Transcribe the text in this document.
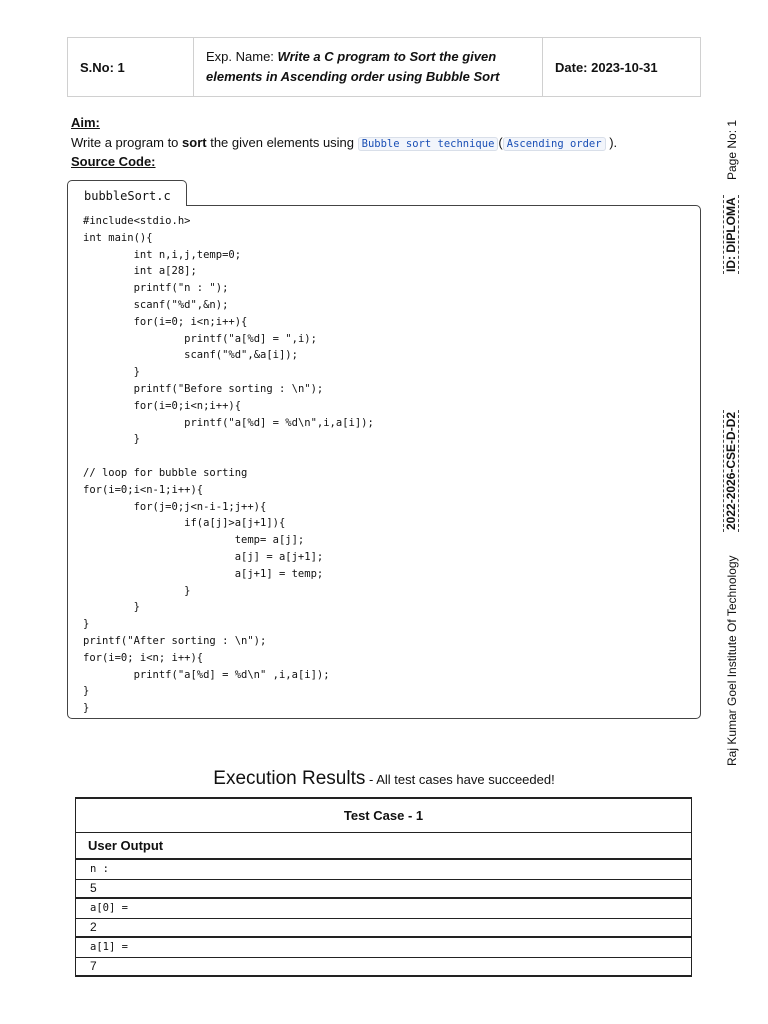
S.No: 1
Exp. Name: Write a C program to Sort the given elements in Ascending order using Bubble Sort
Date: 2023-10-31
Aim:
Write a program to sort the given elements using Bubble sort technique ( Ascending order ).
Source Code:
bubbleSort.c
#include<stdio.h>
int main(){
	int n,i,j,temp=0;
	int a[28];
	printf("n : ");
	scanf("%d",&n);
	for(i=0; i<n;i++){
		printf("a[%d] = ",i);
		scanf("%d",&a[i]);
	}
	printf("Before sorting : \n");
	for(i=0;i<n;i++){
		printf("a[%d] = %d\n",i,a[i]);
	}

// loop for bubble sorting
for(i=0;i<n-1;i++){
	for(j=0;j<n-i-1;j++){
		if(a[j]>a[j+1]){
			temp= a[j];
			a[j] = a[j+1];
			a[j+1] = temp;
		}
	}
}
printf("After sorting : \n");
for(i=0; i<n; i++){
	printf("a[%d] = %d\n" ,i,a[i]);
}
}
Page No: 1
ID: DIPLOMA
2022-2026-CSE-D-D2
Raj Kumar Goel Institute Of Technology
Execution Results - All test cases have succeeded!
Test Case - 1
User Output
n :
5
a[0] =
2
a[1] =
7
